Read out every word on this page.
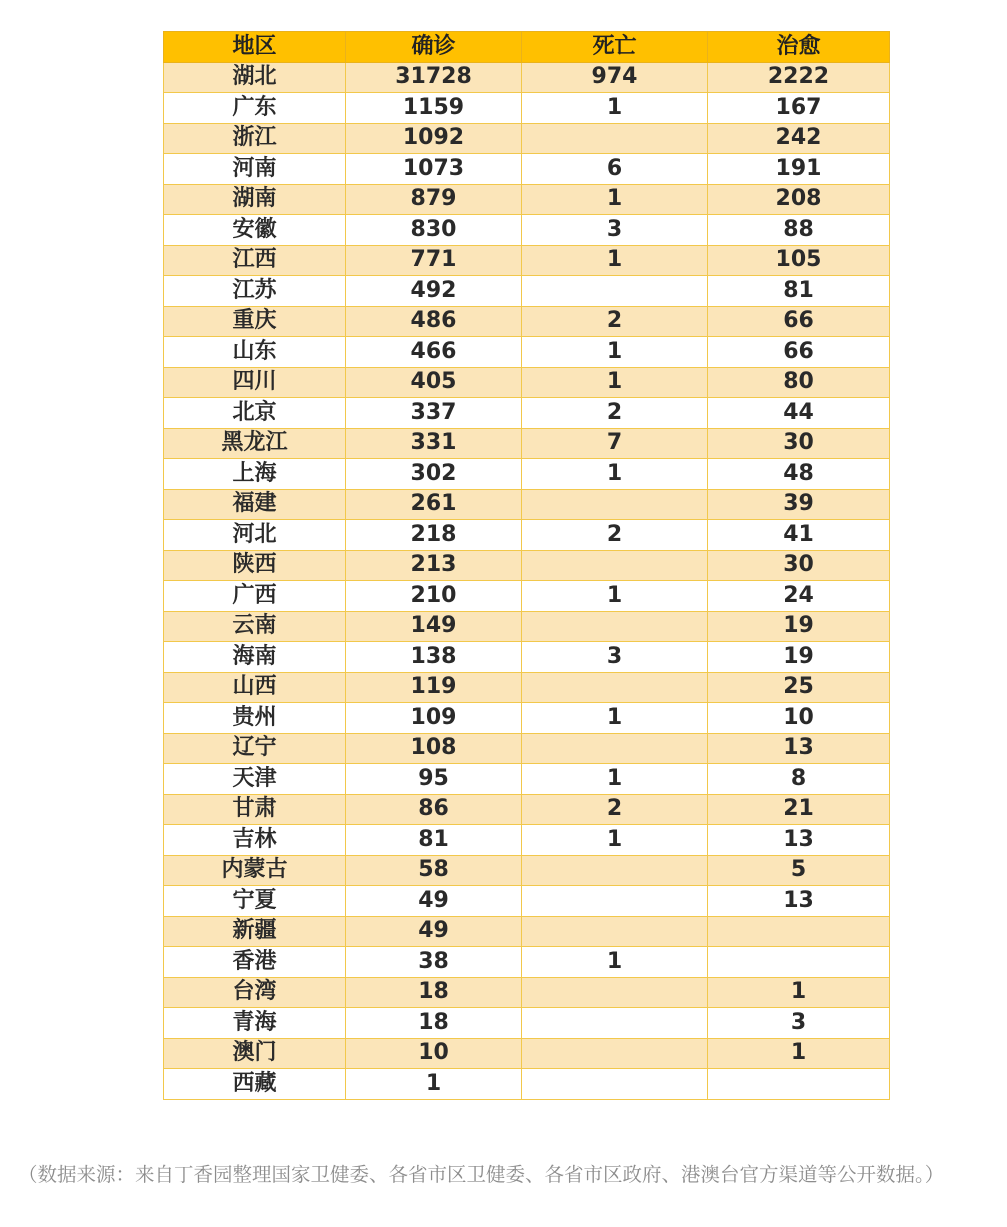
地区	确诊	死亡	治愈
湖北	31728	974	2222
广东	1159	1	167
浙江	1092		242
河南	1073	6	191
湖南	879	1	208
安徽	830	3	88
江西	771	1	105
江苏	492		81
重庆	486	2	66
山东	466	1	66
四川	405	1	80
北京	337	2	44
黑龙江	331	7	30
上海	302	1	48
福建	261		39
河北	218	2	41
陕西	213		30
广西	210	1	24
云南	149		19
海南	138	3	19
山西	119		25
贵州	109	1	10
辽宁	108		13
天津	95	1	8
甘肃	86	2	21
吉林	81	1	13
内蒙古	58		5
宁夏	49		13
新疆	49		
香港	38	1	
台湾	18		1
青海	18		3
澳门	10		1
西藏	1		
（数据来源：来自丁香园整理国家卫健委、各省市区卫健委、各省市区政府、港澳台官方渠道等公开数据。）
